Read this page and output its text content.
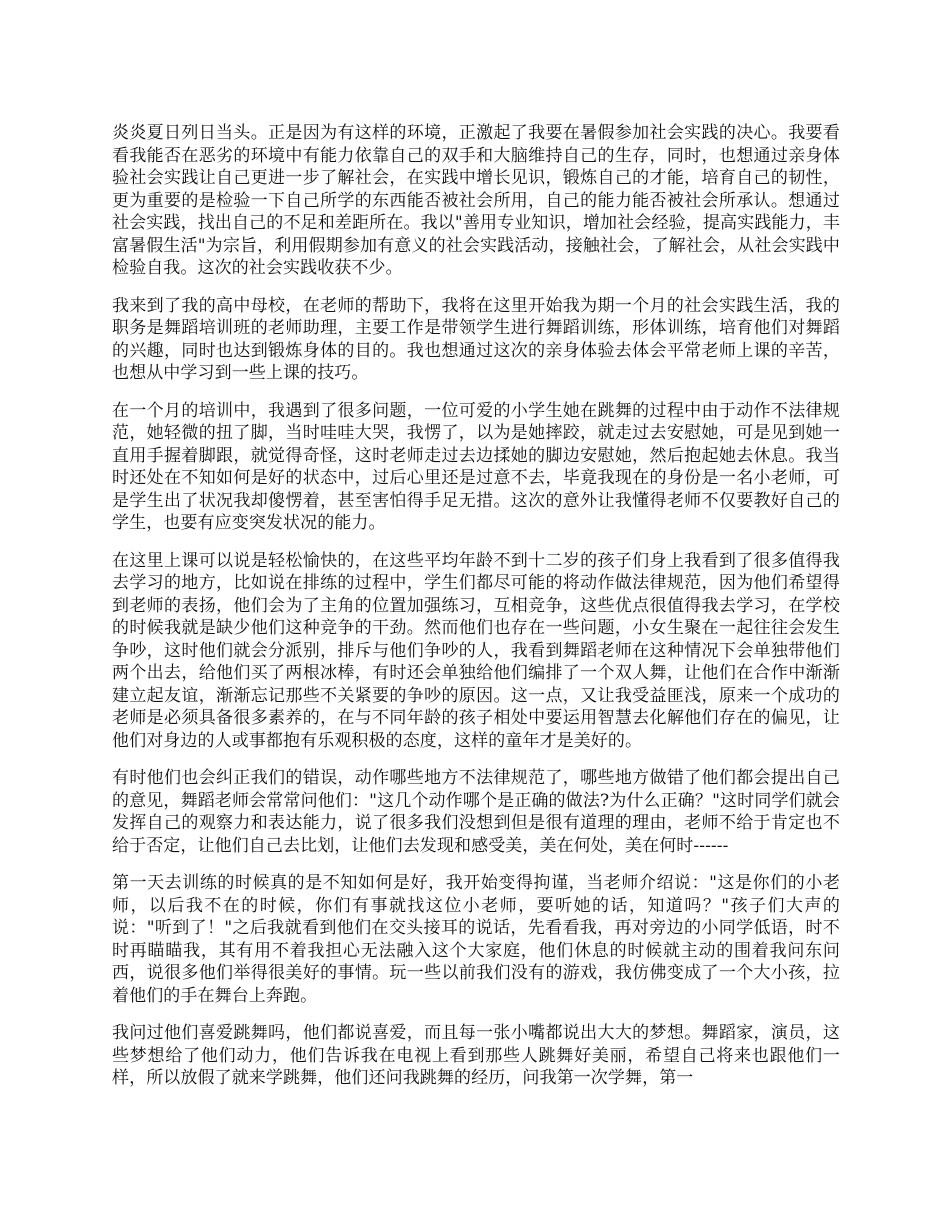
炎炎夏日列日当头。正是因为有这样的环境，正激起了我要在暑假参加社会实践的决心。我要看看我能否在恶劣的环境中有能力依靠自己的双手和大脑维持自己的生存，同时，也想通过亲身体验社会实践让自己更进一步了解社会，在实践中增长见识，锻炼自己的才能，培育自己的韧性，更为重要的是检验一下自己所学的东西能否被社会所用，自己的能力能否被社会所承认。想通过社会实践，找出自己的不足和差距所在。我以"善用专业知识，增加社会经验，提高实践能力，丰富暑假生活"为宗旨，利用假期参加有意义的社会实践活动，接触社会，了解社会，从社会实践中检验自我。这次的社会实践收获不少。

我来到了我的高中母校，在老师的帮助下，我将在这里开始我为期一个月的社会实践生活，我的职务是舞蹈培训班的老师助理，主要工作是带领学生进行舞蹈训练，形体训练，培育他们对舞蹈的兴趣，同时也达到锻炼身体的目的。我也想通过这次的亲身体验去体会平常老师上课的辛苦，也想从中学习到一些上课的技巧。

在一个月的培训中，我遇到了很多问题，一位可爱的小学生她在跳舞的过程中由于动作不法律规范，她轻微的扭了脚，当时哇哇大哭，我愣了，以为是她摔跤，就走过去安慰她，可是见到她一直用手握着脚跟，就觉得奇怪，这时老师走过去边揉她的脚边安慰她，然后抱起她去休息。我当时还处在不知如何是好的状态中，过后心里还是过意不去，毕竟我现在的身份是一名小老师，可是学生出了状况我却傻愣着，甚至害怕得手足无措。这次的意外让我懂得老师不仅要教好自己的学生，也要有应变突发状况的能力。

在这里上课可以说是轻松愉快的，在这些平均年龄不到十二岁的孩子们身上我看到了很多值得我去学习的地方，比如说在排练的过程中，学生们都尽可能的将动作做法律规范，因为他们希望得到老师的表扬，他们会为了主角的位置加强练习，互相竞争，这些优点很值得我去学习，在学校的时候我就是缺少他们这种竞争的干劲。然而他们也存在一些问题，小女生聚在一起往往会发生争吵，这时他们就会分派别，排斥与他们争吵的人，我看到舞蹈老师在这种情况下会单独带他们两个出去，给他们买了两根冰棒，有时还会单独给他们编排了一个双人舞，让他们在合作中渐渐建立起友谊，渐渐忘记那些不关紧要的争吵的原因。这一点，又让我受益匪浅，原来一个成功的老师是必须具备很多素养的，在与不同年龄的孩子相处中要运用智慧去化解他们存在的偏见，让他们对身边的人或事都抱有乐观积极的态度，这样的童年才是美好的。

有时他们也会纠正我们的错误，动作哪些地方不法律规范了，哪些地方做错了他们都会提出自己的意见，舞蹈老师会常常问他们："这几个动作哪个是正确的做法?为什么正确？"这时同学们就会发挥自己的观察力和表达能力，说了很多我们没想到但是很有道理的理由，老师不给于肯定也不给于否定，让他们自己去比划，让他们去发现和感受美，美在何处，美在何时------

第一天去训练的时候真的是不知如何是好，我开始变得拘谨，当老师介绍说："这是你们的小老师，以后我不在的时候，你们有事就找这位小老师，要听她的话，知道吗？"孩子们大声的说："听到了！"之后我就看到他们在交头接耳的说话，先看看我，再对旁边的小同学低语，时不时再瞄瞄我，其有用不着我担心无法融入这个大家庭，他们休息的时候就主动的围着我问东问西，说很多他们举得很美好的事情。玩一些以前我们没有的游戏，我仿佛变成了一个大小孩，拉着他们的手在舞台上奔跑。

我问过他们喜爱跳舞吗，他们都说喜爱，而且每一张小嘴都说出大大的梦想。舞蹈家，演员，这些梦想给了他们动力，他们告诉我在电视上看到那些人跳舞好美丽，希望自己将来也跟他们一样，所以放假了就来学跳舞，他们还问我跳舞的经历，问我第一次学舞，第一
